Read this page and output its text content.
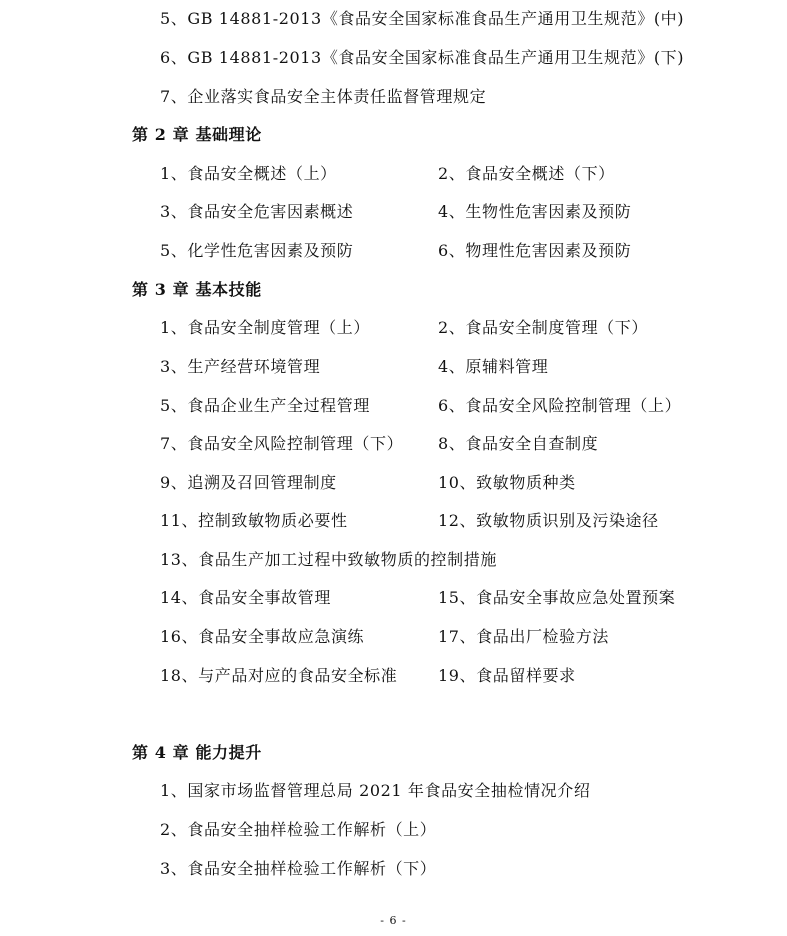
5、GB 14881-2013《食品安全国家标准食品生产通用卫生规范》(中)
6、GB 14881-2013《食品安全国家标准食品生产通用卫生规范》(下)
7、企业落实食品安全主体责任监督管理规定
第 2 章 基础理论
1、食品安全概述（上）	2、食品安全概述（下）
3、食品安全危害因素概述	4、生物性危害因素及预防
5、化学性危害因素及预防	6、物理性危害因素及预防
第 3 章 基本技能
1、食品安全制度管理（上）	2、食品安全制度管理（下）
3、生产经营环境管理	4、原辅料管理
5、食品企业生产全过程管理	6、食品安全风险控制管理（上）
7、食品安全风险控制管理（下） 8、食品安全自查制度
9、追溯及召回管理制度	10、致敏物质种类
11、控制致敏物质必要性	12、致敏物质识别及污染途径
13、食品生产加工过程中致敏物质的控制措施
14、食品安全事故管理	15、食品安全事故应急处置预案
16、食品安全事故应急演练	17、食品出厂检验方法
18、与产品对应的食品安全标准	19、食品留样要求
第 4 章 能力提升
1、国家市场监督管理总局 2021 年食品安全抽检情况介绍
2、食品安全抽样检验工作解析（上）
3、食品安全抽样检验工作解析（下）
- 6 -
